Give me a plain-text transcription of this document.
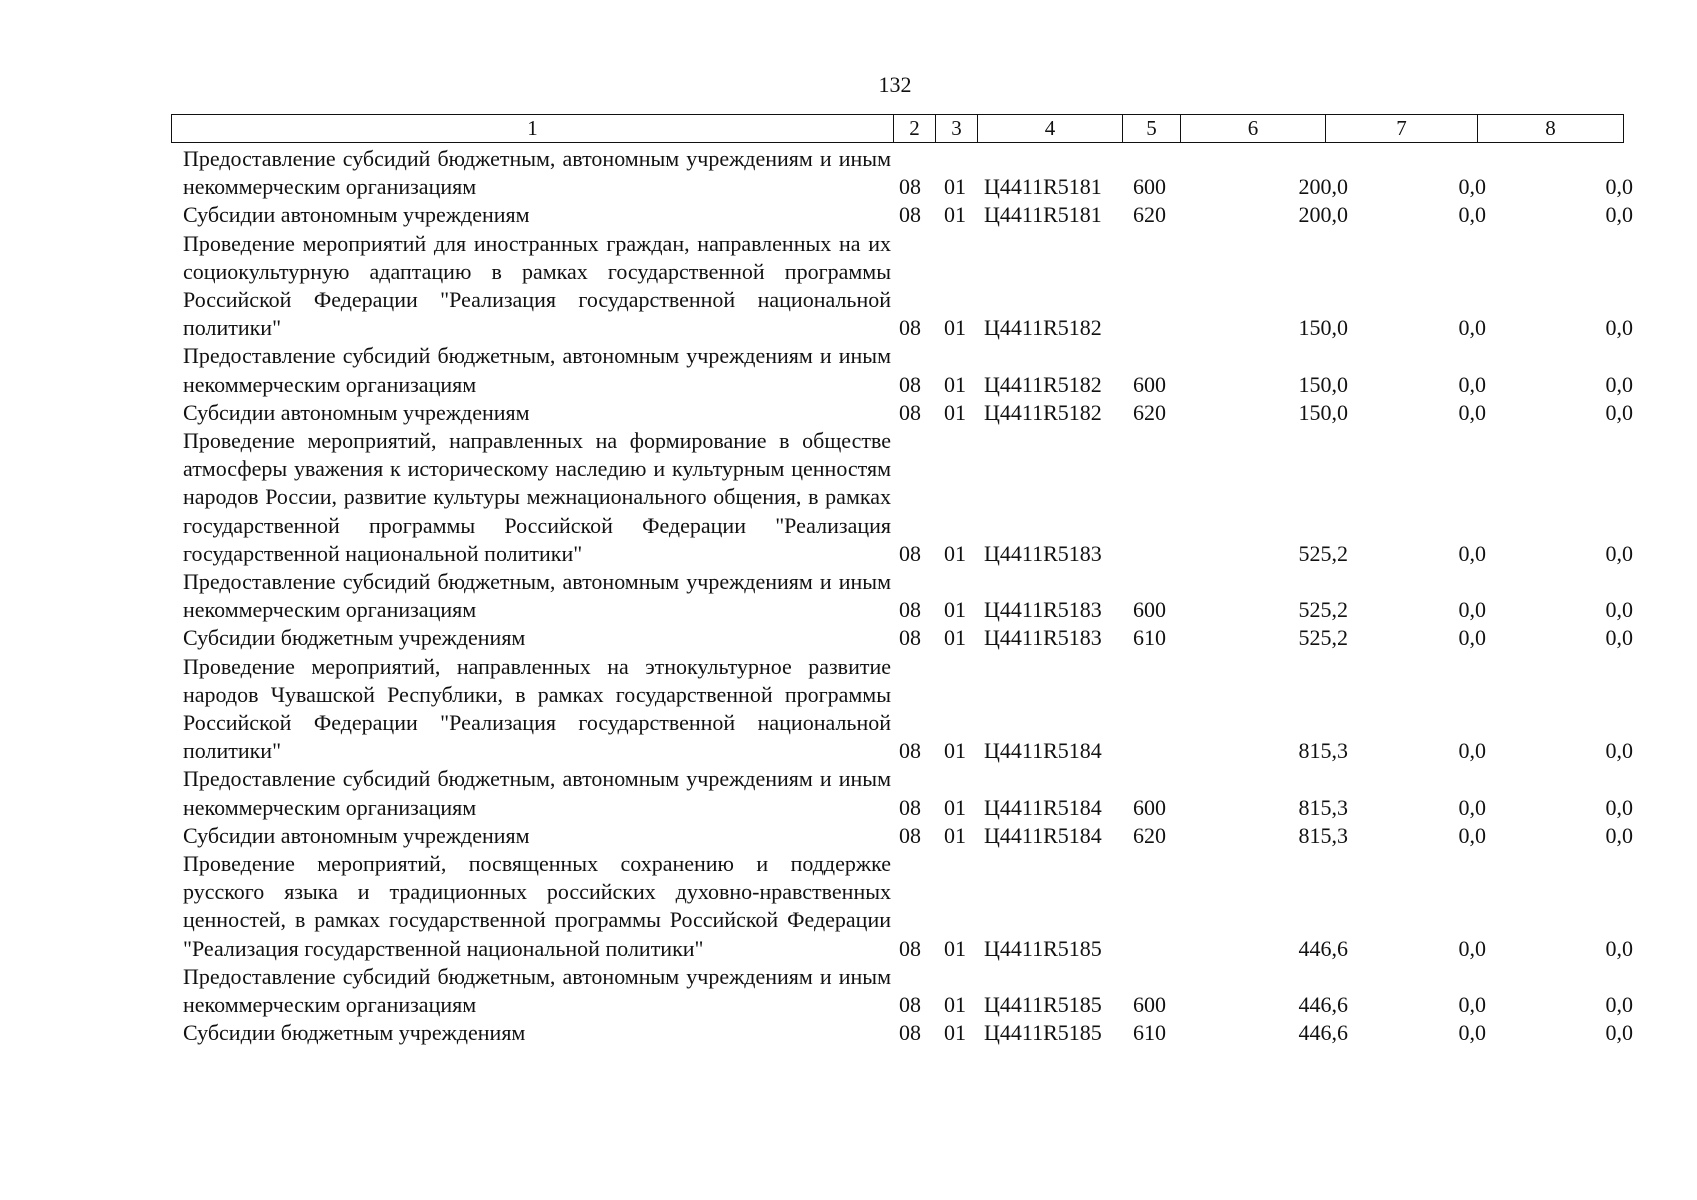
132
1	2	3	4	5	6	7	8
Предоставление субсидий бюджетным, автономным учреждениям и иным некоммерческим организациям	08 01 Ц4411R5181 600	200,0	0,0	0,0
Субсидии автономным учреждениям	08 01 Ц4411R5181 620	200,0	0,0	0,0
Проведение мероприятий для иностранных граждан, направленных на их социокультурную адаптацию в рамках государственной программы Российской Федерации "Реализация государственной национальной политики"	08 01 Ц4411R5182	150,0	0,0	0,0
Предоставление субсидий бюджетным, автономным учреждениям и иным некоммерческим организациям	08 01 Ц4411R5182 600	150,0	0,0	0,0
Субсидии автономным учреждениям	08 01 Ц4411R5182 620	150,0	0,0	0,0
Проведение мероприятий, направленных на формирование в обществе атмосферы уважения к историческому наследию и культурным ценностям народов России, развитие культуры межнационального общения, в рамках государственной программы Российской Федерации "Реализация государственной национальной политики"	08 01 Ц4411R5183	525,2	0,0	0,0
Предоставление субсидий бюджетным, автономным учреждениям и иным некоммерческим организациям	08 01 Ц4411R5183 600	525,2	0,0	0,0
Субсидии бюджетным учреждениям	08 01 Ц4411R5183 610	525,2	0,0	0,0
Проведение мероприятий, направленных на этнокультурное развитие народов Чувашской Республики, в рамках государственной программы Российской Федерации "Реализация государственной национальной политики"	08 01 Ц4411R5184	815,3	0,0	0,0
Предоставление субсидий бюджетным, автономным учреждениям и иным некоммерческим организациям	08 01 Ц4411R5184 600	815,3	0,0	0,0
Субсидии автономным учреждениям	08 01 Ц4411R5184 620	815,3	0,0	0,0
Проведение мероприятий, посвященных сохранению и поддержке русского языка и традиционных российских духовно-нравственных ценностей, в рамках государственной программы Российской Федерации "Реализация государственной национальной политики"	08 01 Ц4411R5185	446,6	0,0	0,0
Предоставление субсидий бюджетным, автономным учреждениям и иным некоммерческим организациям	08 01 Ц4411R5185 600	446,6	0,0	0,0
Субсидии бюджетным учреждениям	08 01 Ц4411R5185 610	446,6	0,0	0,0
